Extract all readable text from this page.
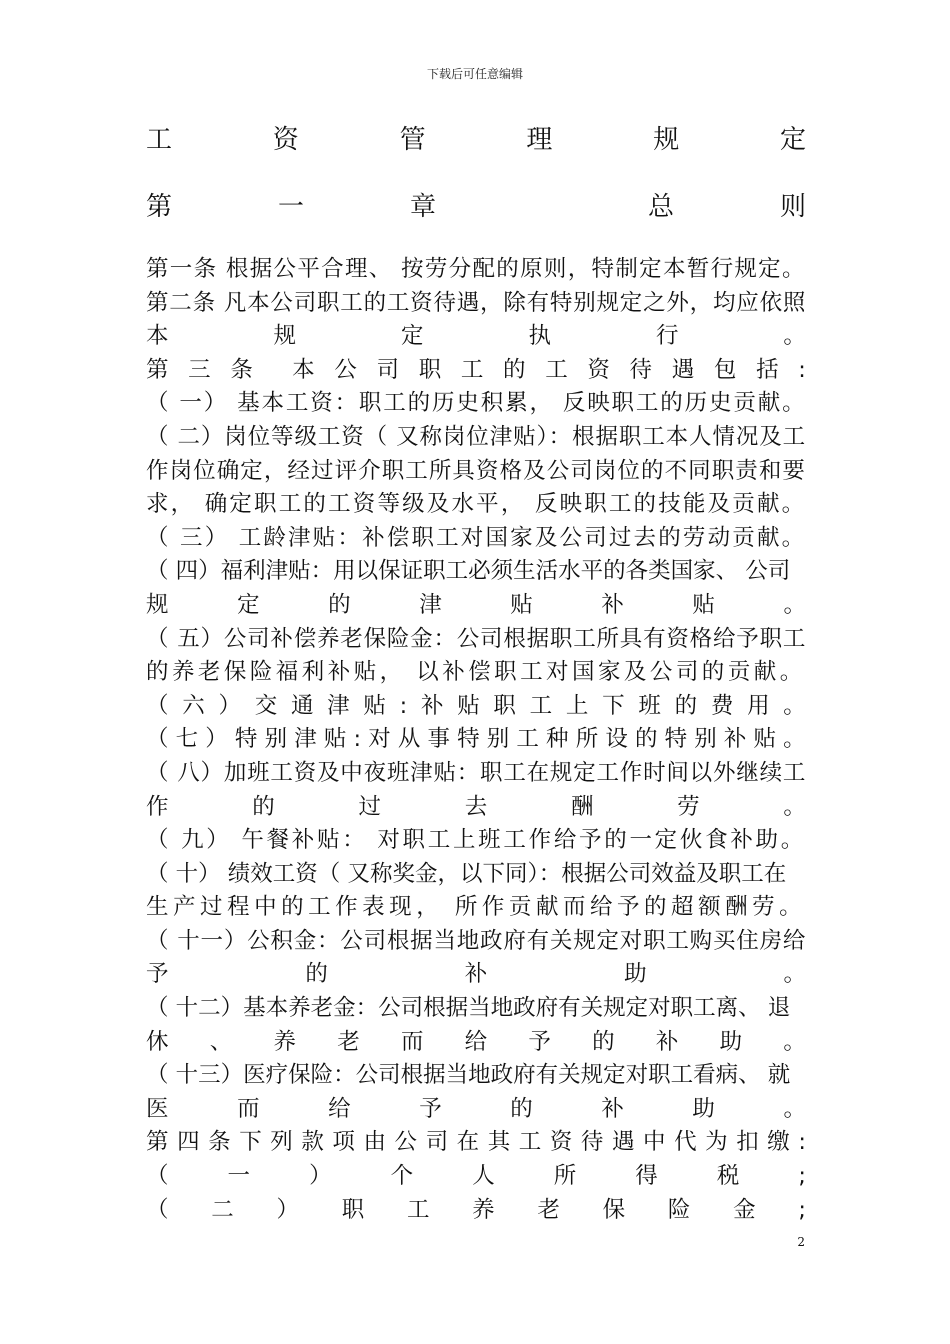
下载后可任意编辑
工	资	管	理	规	定
第	一	章	总	则
第一条 根据公平合理、 按劳分配的原则，特制定本暂行规定。
第二条 凡本公司职工的工资待遇，除有特别规定之外，均应依照
本	规	定	执	行	。
第 三 条 本 公 司 职 工 的 工 资 待 遇 包 括 :
（ 一） 基本工资：职工的历史积累， 反映职工的历史贡献。
（ 二）岗位等级工资（ 又称岗位津贴）：根据职工本人情况及工
作岗位确定，经过评介职工所具资格及公司岗位的不同职责和要
求， 确定职工的工资等级及水平， 反映职工的技能及贡献。
（ 三） 工龄津贴：补偿职工对国家及公司过去的劳动贡献。
（ 四）福利津贴：用以保证职工必须生活水平的各类国家、 公司
规	定	的	津	贴	补	贴	。
（ 五）公司补偿养老保险金：公司根据职工所具有资格给予职工
的养老保险福利补贴， 以补偿职工对国家及公司的贡献。
（ 六 ） 交 通 津 贴 : 补 贴 职 工 上 下 班 的 费 用 。
（ 七 ） 特 别 津 贴 : 对 从 事 特 别 工 种 所 设 的 特 别 补 贴 。
（ 八）加班工资及中夜班津贴：职工在规定工作时间以外继续工
作	的	过	去	酬	劳	。
（ 九） 午餐补贴： 对职工上班工作给予的一定伙食补助。
（ 十） 绩效工资（ 又称奖金，以下同）：根据公司效益及职工在
生产过程中的工作表现， 所作贡献而给予的超额酬劳。
（ 十一）公积金：公司根据当地政府有关规定对职工购买住房给
予	的	补	助	。
（ 十二）基本养老金：公司根据当地政府有关规定对职工离、 退
休 、 养 老 而 给 予 的 补 助 。
（ 十三）医疗保险：公司根据当地政府有关规定对职工看病、 就
医	而	给	予	的	补	助	。
第 四 条 下 列 款 项 由 公 司 在 其 工 资 待 遇 中 代 为 扣 缴 :
（	一	）	个	人	所	得	税	;
（ 二 ） 职 工 养 老 保 险 金 ;
2
